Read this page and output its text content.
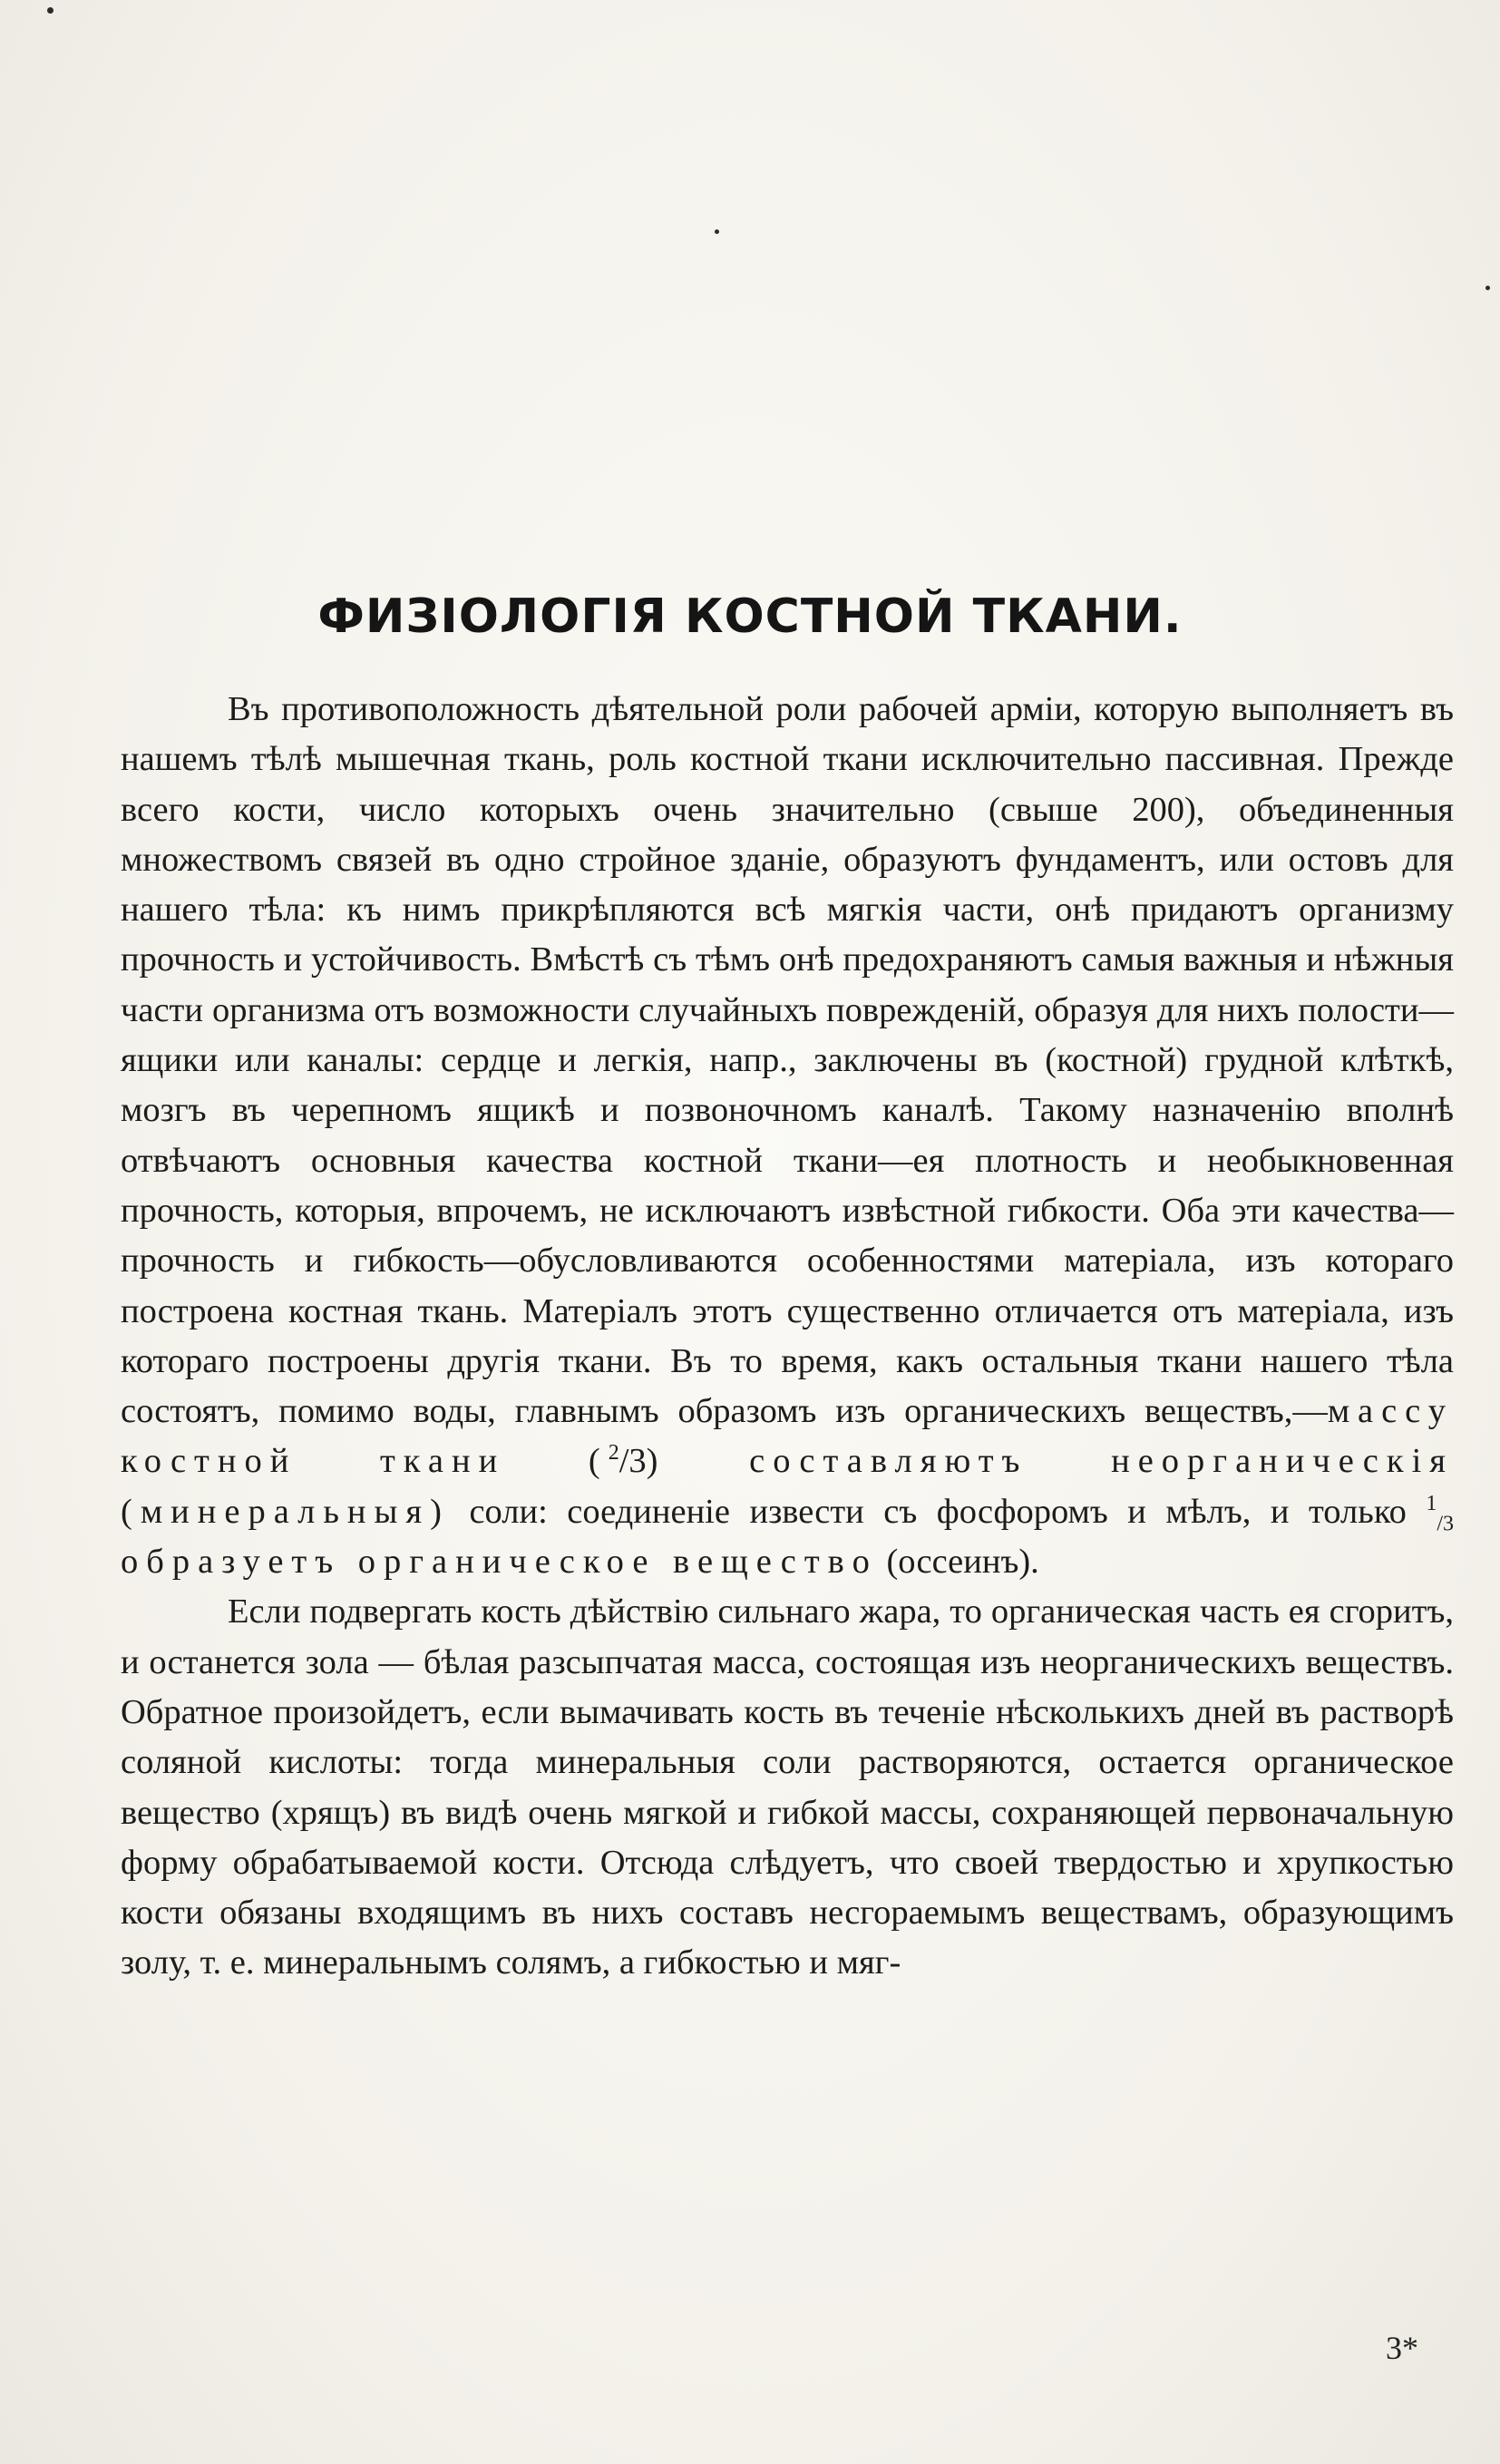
ФИЗIОЛОГIЯ КОСТНОЙ ТКАНИ.

Въ противоположность дѣятельной роли рабочей арміи, которую выполняетъ въ нашемъ тѣлѣ мышечная ткань, роль костной ткани исключительно пассивная. Прежде всего кости, число которыхъ очень значительно (свыше 200), объединенныя множествомъ связей въ одно стройное зданіе, образуютъ фундаментъ, или остовъ для нашего тѣла: къ нимъ прикрѣпляются всѣ мягкія части, онѣ придаютъ организму прочность и устойчивость. Вмѣстѣ съ тѣмъ онѣ предохраняютъ самыя важныя и нѣжныя части организма отъ возможности случайныхъ поврежденій, образуя для нихъ полости—ящики или каналы: сердце и легкія, напр., заключены въ (костной) грудной клѣткѣ, мозгъ въ черепномъ ящикѣ и позвоночномъ каналѣ. Такому назначенію вполнѣ отвѣчаютъ основныя качества костной ткани—ея плотность и необыкновенная прочность, которыя, впрочемъ, не исключаютъ извѣстной гибкости. Оба эти качества—прочность и гибкость—обусловливаются особенностями матеріала, изъ котораго построена костная ткань. Матеріалъ этотъ существенно отличается отъ матеріала, изъ котораго построены другія ткани. Въ то время, какъ остальныя ткани нашего тѣла состоятъ, помимо воды, главнымъ образомъ изъ органическихъ веществъ,—массу костной ткани ($^2$/3) составляютъ неорганическія (минеральныя) соли: соединеніе извести съ фосфоромъ и мѣлъ, и только $^1_{/3}$ образуетъ органическое вещество (оссеинъ).

Если подвергать кость дѣйствію сильнаго жара, то органическая часть ея сгоритъ, и останется зола — бѣлая разсыпчатая масса, состоящая изъ неорганическихъ веществъ. Обратное произойдетъ, если вымачивать кость въ теченіе нѣсколькихъ дней въ растворѣ соляной кислоты: тогда минеральныя соли растворяются, остается органическое вещество (хрящъ) въ видѣ очень мягкой и гибкой массы, сохраняющей первоначальную форму обрабатываемой кости. Отсюда слѣдуетъ, что своей твердостью и хрупкостью кости обязаны входящимъ въ нихъ составъ несгораемымъ веществамъ, образующимъ золу, т. е. минеральнымъ солямъ, а гибкостью и мяг-

3*
